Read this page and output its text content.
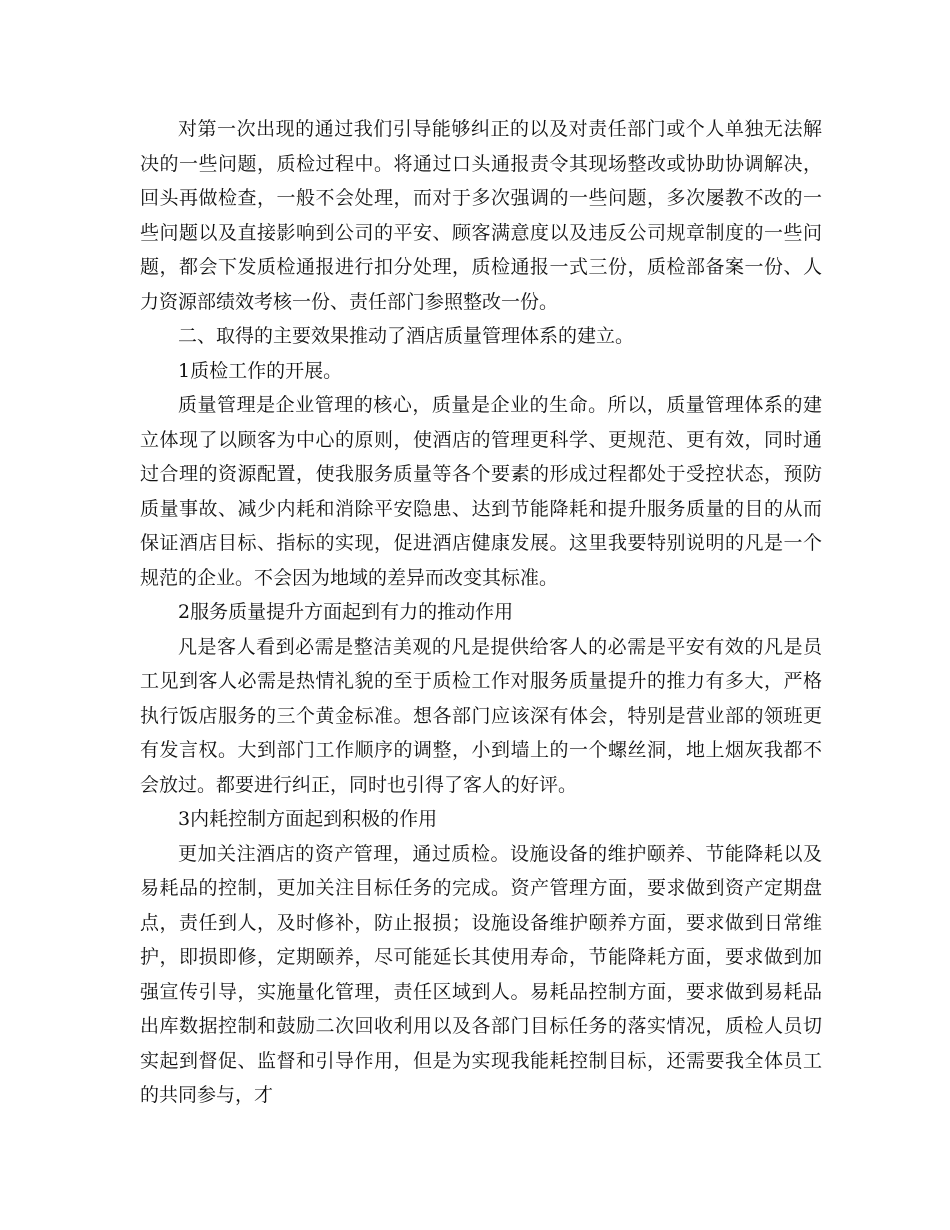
对第一次出现的通过我们引导能够纠正的以及对责任部门或个人单独无法解决的一些问题，质检过程中。将通过口头通报责令其现场整改或协助协调解决，回头再做检查，一般不会处理，而对于多次强调的一些问题，多次屡教不改的一些问题以及直接影响到公司的平安、顾客满意度以及违反公司规章制度的一些问题，都会下发质检通报进行扣分处理，质检通报一式三份，质检部备案一份、人力资源部绩效考核一份、责任部门参照整改一份。

二、取得的主要效果推动了酒店质量管理体系的建立。

1质检工作的开展。

质量管理是企业管理的核心，质量是企业的生命。所以，质量管理体系的建立体现了以顾客为中心的原则，使酒店的管理更科学、更规范、更有效，同时通过合理的资源配置，使我服务质量等各个要素的形成过程都处于受控状态，预防质量事故、减少内耗和消除平安隐患、达到节能降耗和提升服务质量的目的从而保证酒店目标、指标的实现，促进酒店健康发展。这里我要特别说明的凡是一个规范的企业。不会因为地域的差异而改变其标准。

2服务质量提升方面起到有力的推动作用

凡是客人看到必需是整洁美观的凡是提供给客人的必需是平安有效的凡是员工见到客人必需是热情礼貌的至于质检工作对服务质量提升的推力有多大，严格执行饭店服务的三个黄金标准。想各部门应该深有体会，特别是营业部的领班更有发言权。大到部门工作顺序的调整，小到墙上的一个螺丝洞，地上烟灰我都不会放过。都要进行纠正，同时也引得了客人的好评。

3内耗控制方面起到积极的作用

更加关注酒店的资产管理，通过质检。设施设备的维护颐养、节能降耗以及易耗品的控制，更加关注目标任务的完成。资产管理方面，要求做到资产定期盘点，责任到人，及时修补，防止报损；设施设备维护颐养方面，要求做到日常维护，即损即修，定期颐养，尽可能延长其使用寿命，节能降耗方面，要求做到加强宣传引导，实施量化管理，责任区域到人。易耗品控制方面，要求做到易耗品出库数据控制和鼓励二次回收利用以及各部门目标任务的落实情况，质检人员切实起到督促、监督和引导作用，但是为实现我能耗控制目标，还需要我全体员工的共同参与，才
